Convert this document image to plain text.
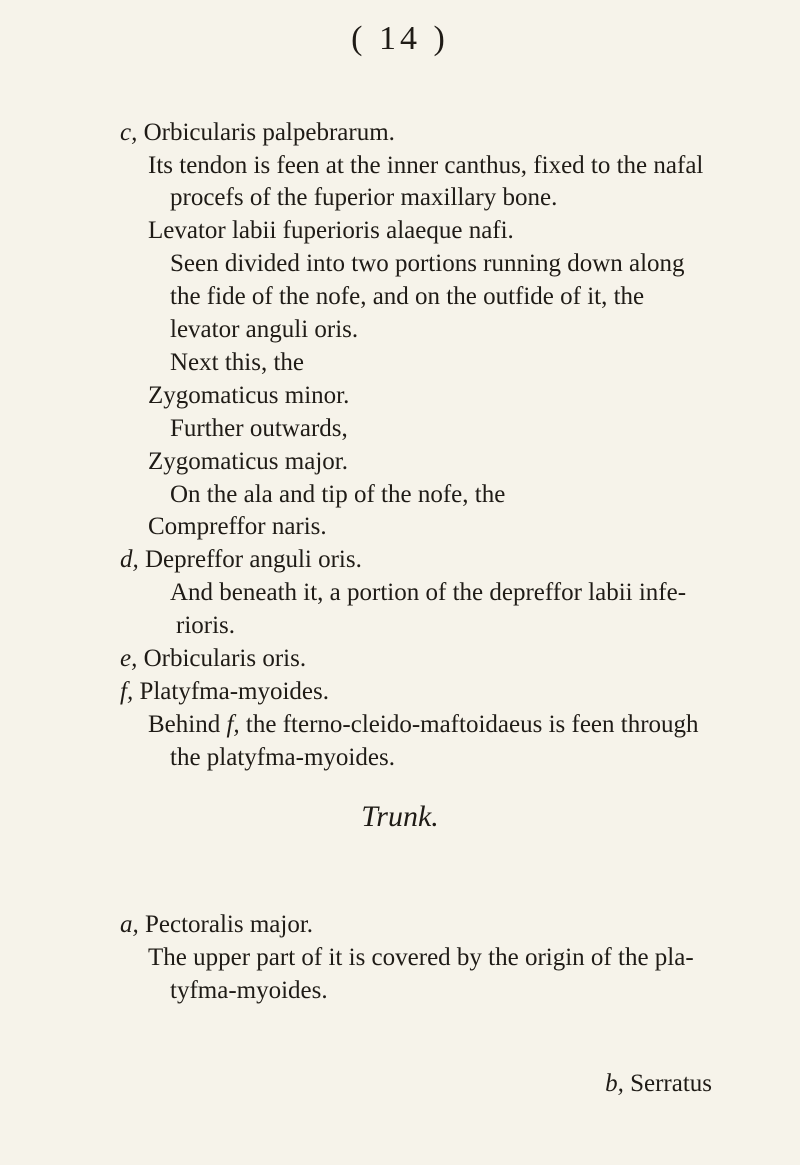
( 14 )
c, Orbicularis palpebrarum.
Its tendon is feen at the inner canthus, fixed to the nafal
procefs of the fuperior maxillary bone.
Levator labii fuperioris alaeque nafi.
Seen divided into two portions running down along
the fide of the nofe, and on the outfide of it, the
levator anguli oris.
Next this, the
Zygomaticus minor.
Further outwards,
Zygomaticus major.
On the ala and tip of the nofe, the
Compreffor naris.
d, Depreffor anguli oris.
And beneath it, a portion of the depreffor labii infe-
rioris.
e, Orbicularis oris.
f, Platyfma-myoides.
Behind f, the fterno-cleido-maftoidaeus is feen through
the platyfma-myoides.
Trunk.
a, Pectoralis major.
The upper part of it is covered by the origin of the pla-
tyfma-myoides.
b, Serratus
